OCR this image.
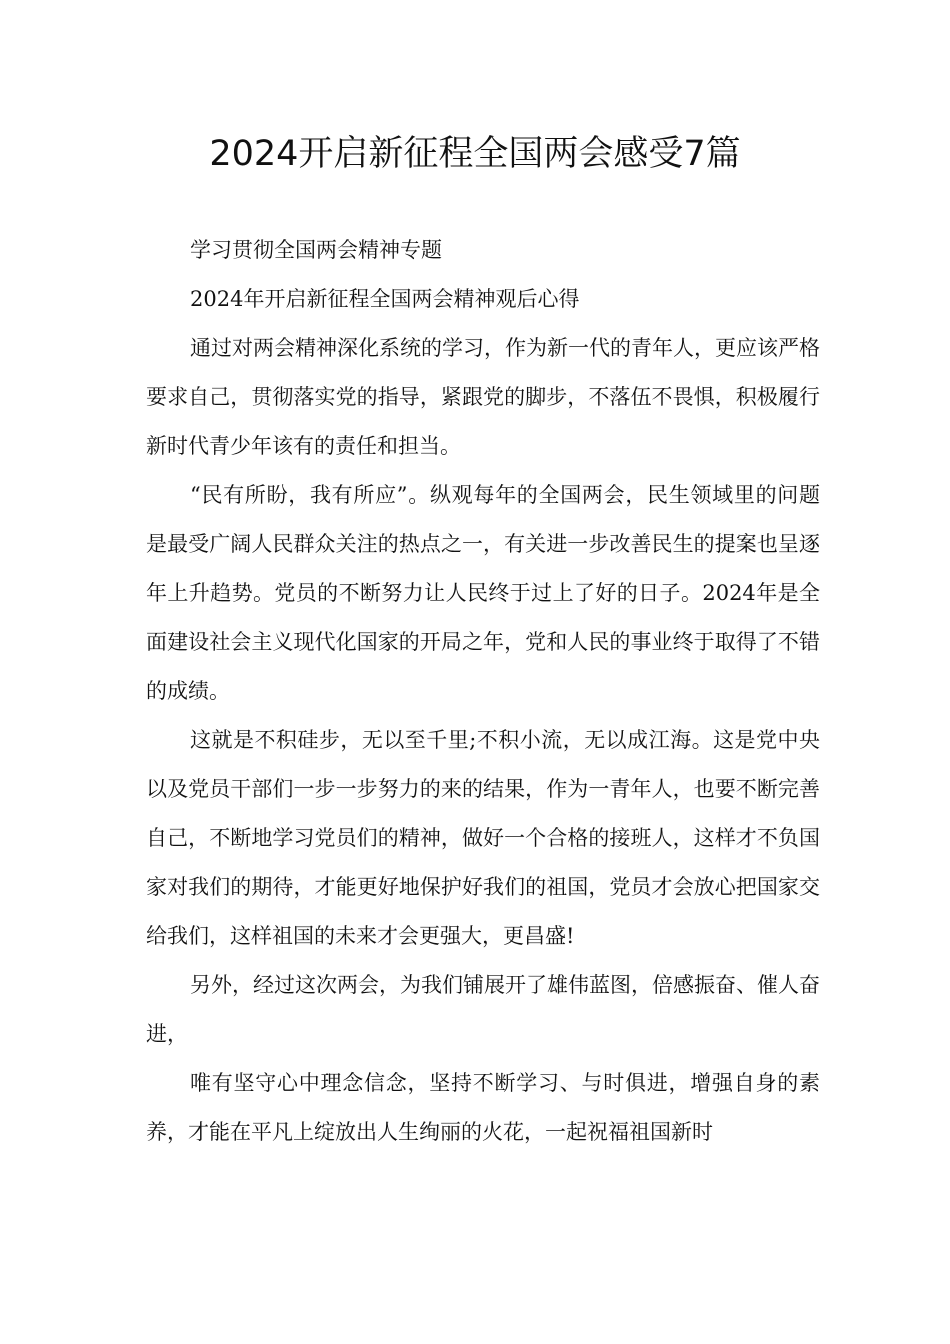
2024开启新征程全国两会感受7篇

学习贯彻全国两会精神专题

2024年开启新征程全国两会精神观后心得

通过对两会精神深化系统的学习，作为新一代的青年人，更应该严格要求自己，贯彻落实党的指导，紧跟党的脚步，不落伍不畏惧，积极履行新时代青少年该有的责任和担当。

“民有所盼，我有所应”。纵观每年的全国两会，民生领域里的问题是最受广阔人民群众关注的热点之一，有关进一步改善民生的提案也呈逐年上升趋势。党员的不断努力让人民终于过上了好的日子。2024年是全面建设社会主义现代化国家的开局之年，党和人民的事业终于取得了不错的成绩。

这就是不积硅步，无以至千里;不积小流，无以成江海。这是党中央以及党员干部们一步一步努力的来的结果，作为一青年人，也要不断完善自己，不断地学习党员们的精神，做好一个合格的接班人，这样才不负国家对我们的期待，才能更好地保护好我们的祖国，党员才会放心把国家交给我们，这样祖国的未来才会更强大，更昌盛!

另外，经过这次两会，为我们铺展开了雄伟蓝图，倍感振奋、催人奋进，

唯有坚守心中理念信念，坚持不断学习、与时俱进，增强自身的素养，才能在平凡上绽放出人生绚丽的火花，一起祝福祖国新时
